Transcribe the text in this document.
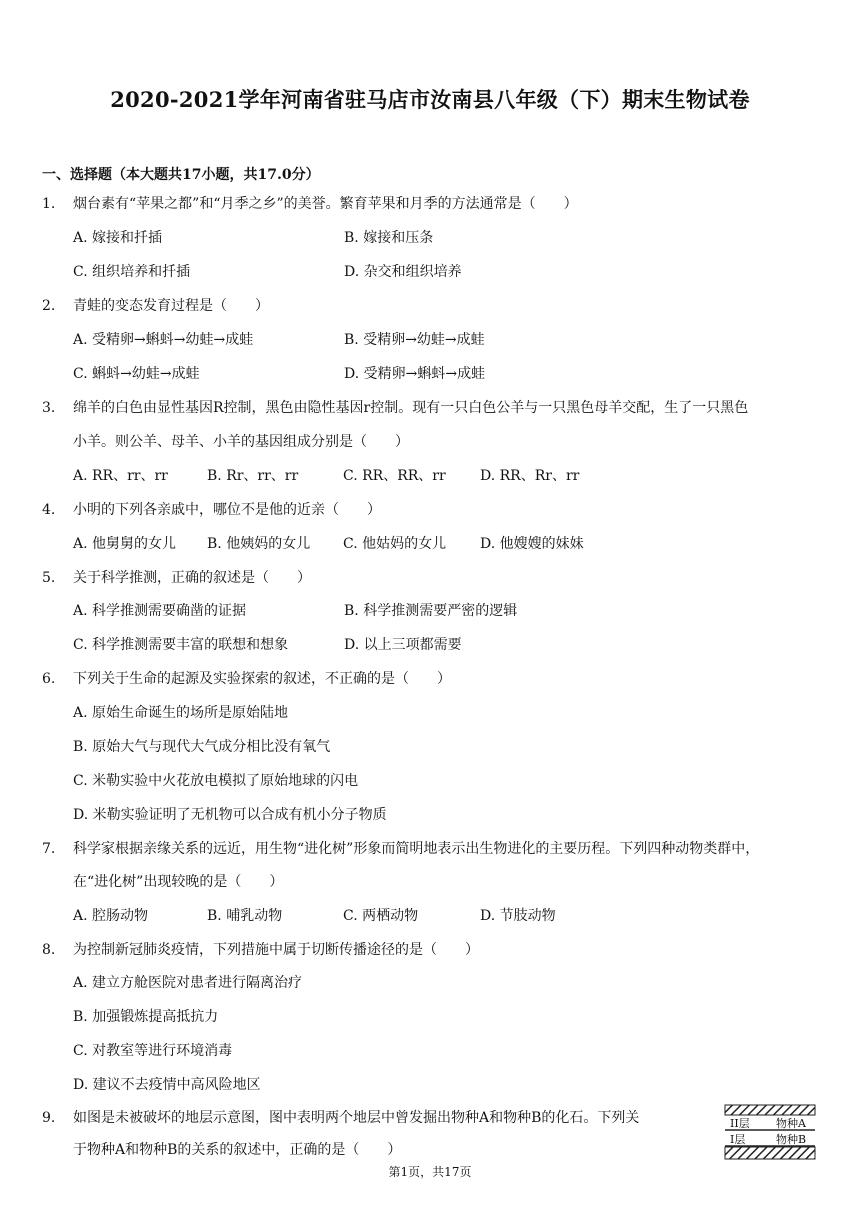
2020-2021学年河南省驻马店市汝南县八年级（下）期末生物试卷
一、选择题（本大题共17小题，共17.0分）
1.	烟台素有“苹果之都”和“月季之乡”的美誉。繁育苹果和月季的方法通常是（　　）
A. 嫁接和扦插	B. 嫁接和压条
C. 组织培养和扦插	D. 杂交和组织培养
2.	青蛙的变态发育过程是（　　）
A. 受精卵→蝌蚪→幼蛙→成蛙	B. 受精卵→幼蛙→成蛙
C. 蝌蚪→幼蛙→成蛙	D. 受精卵→蝌蚪→成蛙
3.	绵羊的白色由显性基因R控制，黑色由隐性基因r控制。现有一只白色公羊与一只黑色母羊交配，生了一只黑色
小羊。则公羊、母羊、小羊的基因组成分别是（　　）
A. RR、rr、rr	B. Rr、rr、rr	C. RR、RR、rr D. RR、Rr、rr
4.	小明的下列各亲戚中，哪位不是他的近亲（　　）
A. 他舅舅的女儿 B. 他姨妈的女儿 C. 他姑妈的女儿 D. 他嫂嫂的妹妹
5.	关于科学推测，正确的叙述是（　　）
A. 科学推测需要确凿的证据	B. 科学推测需要严密的逻辑
C. 科学推测需要丰富的联想和想象	D. 以上三项都需要
6.	下列关于生命的起源及实验探索的叙述，不正确的是（　　）
A. 原始生命诞生的场所是原始陆地
B. 原始大气与现代大气成分相比没有氧气
C. 米勒实验中火花放电模拟了原始地球的闪电
D. 米勒实验证明了无机物可以合成有机小分子物质
7.	科学家根据亲缘关系的远近，用生物“进化树”形象而简明地表示出生物进化的主要历程。下列四种动物类群中，
在“进化树”出现较晚的是（　　）
A. 腔肠动物	B. 哺乳动物	C. 两栖动物	D. 节肢动物
8.	为控制新冠肺炎疫情，下列措施中属于切断传播途径的是（　　）
A. 建立方舱医院对患者进行隔离治疗
B. 加强锻炼提高抵抗力
C. 对教室等进行环境消毒
D. 建议不去疫情中高风险地区
9.	如图是未被破坏的地层示意图，图中表明两个地层中曾发掘出物种A和物种B的化石。下列关
于物种A和物种B的关系的叙述中，正确的是（　　）
II层 物种A
I层	物种B
第1页，共17页
